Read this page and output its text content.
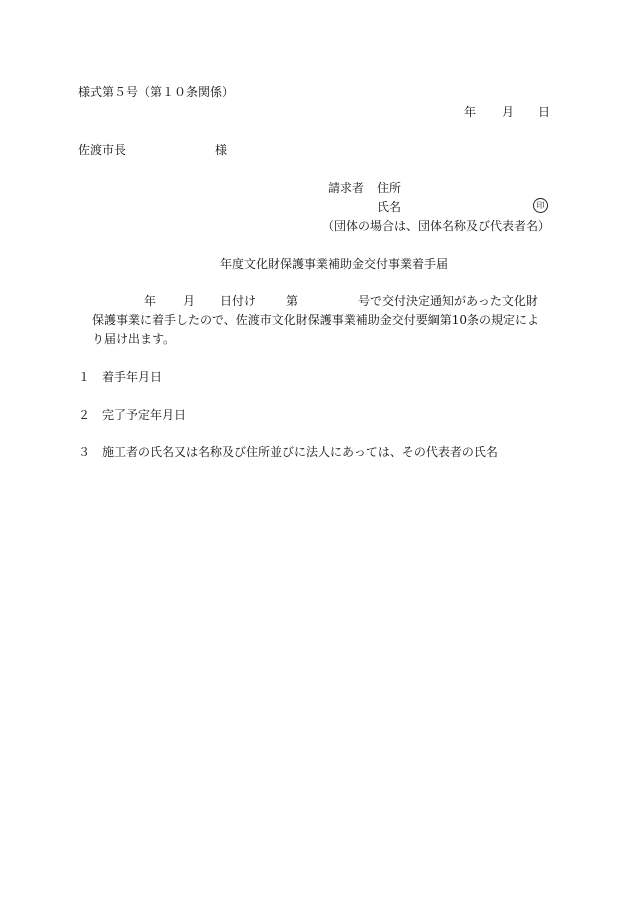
様式第５号（第１０条関係）
年 月 日
佐渡市長	様
請求者 住所
氏名	印
（団体の場合は、団体名称及び代表者名）
年度文化財保護事業補助金交付事業着手届
年 月 日付け 第	号で交付決定通知があった文化財
保護事業に着手したので、佐渡市文化財保護事業補助金交付要綱第10条の規定によ
り届け出ます。
１ 着手年月日
２ 完了予定年月日
３ 施工者の氏名又は名称及び住所並びに法人にあっては、その代表者の氏名
